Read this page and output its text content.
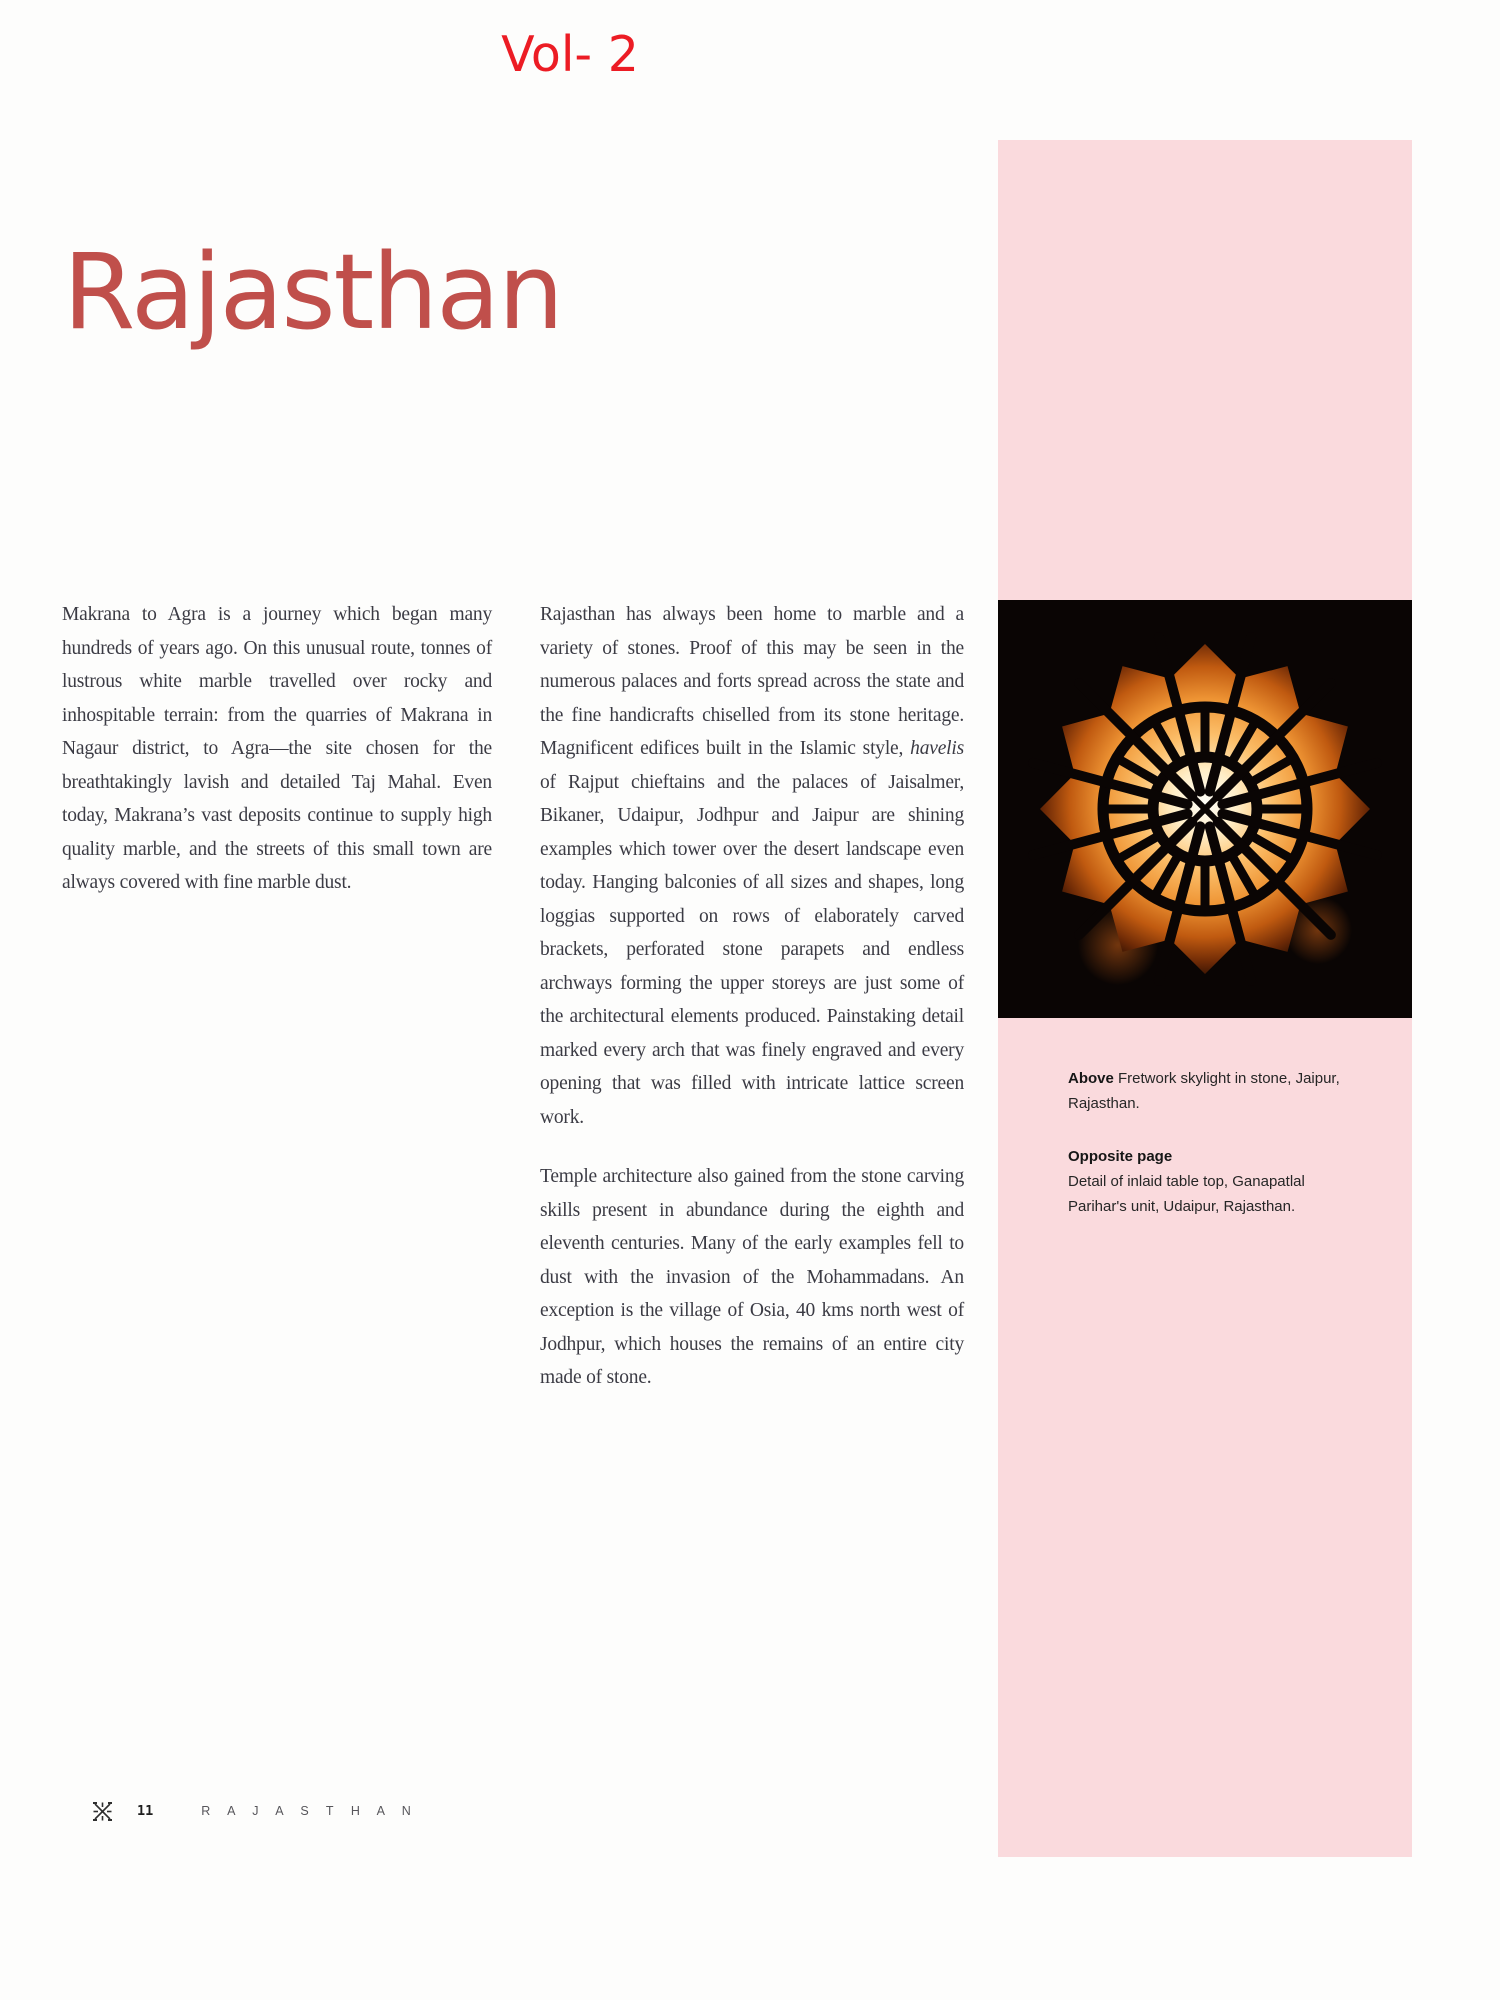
Vol- 2
Rajasthan

Makrana to Agra is a journey which began many hundreds of years ago. On this unusual route, tonnes of lustrous white marble travelled over rocky and inhospitable terrain: from the quarries of Makrana in Nagaur district, to Agra—the site chosen for the breathtakingly lavish and detailed Taj Mahal. Even today, Makrana’s vast deposits continue to supply high quality marble, and the streets of this small town are always covered with fine marble dust.

Rajasthan has always been home to marble and a variety of stones. Proof of this may be seen in the numerous palaces and forts spread across the state and the fine handicrafts chiselled from its stone heritage. Magnificent edifices built in the Islamic style, havelis of Rajput chieftains and the palaces of Jaisalmer, Bikaner, Udaipur, Jodhpur and Jaipur are shining examples which tower over the desert landscape even today. Hanging balconies of all sizes and shapes, long loggias supported on rows of elaborately carved brackets, perforated stone parapets and endless archways forming the upper storeys are just some of the architectural elements produced. Painstaking detail marked every arch that was finely engraved and every opening that was filled with intricate lattice screen work.

Temple architecture also gained from the stone carving skills present in abundance during the eighth and eleventh centuries. Many of the early examples fell to dust with the invasion of the Mohammadans. An exception is the village of Osia, 40 kms north west of Jodhpur, which houses the remains of an entire city made of stone.

Above Fretwork skylight in stone, Jaipur, Rajasthan.

Opposite page
Detail of inlaid table top, Ganapatlal Parihar's unit, Udaipur, Rajasthan.

11	R A J A S T H A N
